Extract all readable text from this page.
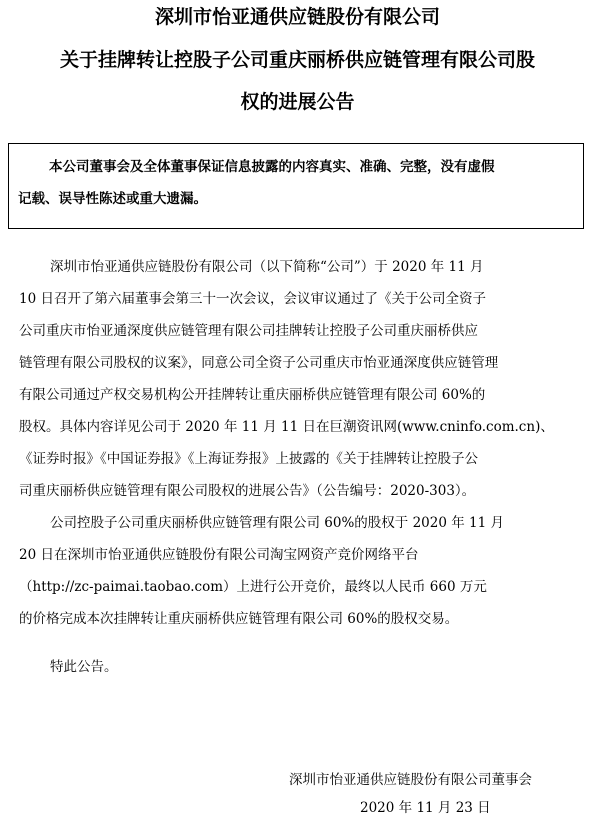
深圳市怡亚通供应链股份有限公司
关于挂牌转让控股子公司重庆丽桥供应链管理有限公司股
权的进展公告
本公司董事会及全体董事保证信息披露的内容真实、准确、完整，没有虚假
记载、误导性陈述或重大遗漏。
深圳市怡亚通供应链股份有限公司（以下简称“公司”）于 2020 年 11 月
10 日召开了第六届董事会第三十一次会议，会议审议通过了《关于公司全资子
公司重庆市怡亚通深度供应链管理有限公司挂牌转让控股子公司重庆丽桥供应
链管理有限公司股权的议案》，同意公司全资子公司重庆市怡亚通深度供应链管理
有限公司通过产权交易机构公开挂牌转让重庆丽桥供应链管理有限公司 60%的
股权。具体内容详见公司于 2020 年 11 月 11 日在巨潮资讯网(www.cninfo.com.cn)、
《证券时报》《中国证券报》《上海证券报》上披露的《关于挂牌转让控股子公
司重庆丽桥供应链管理有限公司股权的进展公告》（公告编号：2020-303）。
公司控股子公司重庆丽桥供应链管理有限公司 60%的股权于 2020 年 11 月
20 日在深圳市怡亚通供应链股份有限公司淘宝网资产竞价网络平台
（http://zc-paimai.taobao.com）上进行公开竞价，最终以人民币 660 万元
的价格完成本次挂牌转让重庆丽桥供应链管理有限公司 60%的股权交易。
特此公告。
深圳市怡亚通供应链股份有限公司董事会
2020 年 11 月 23 日
